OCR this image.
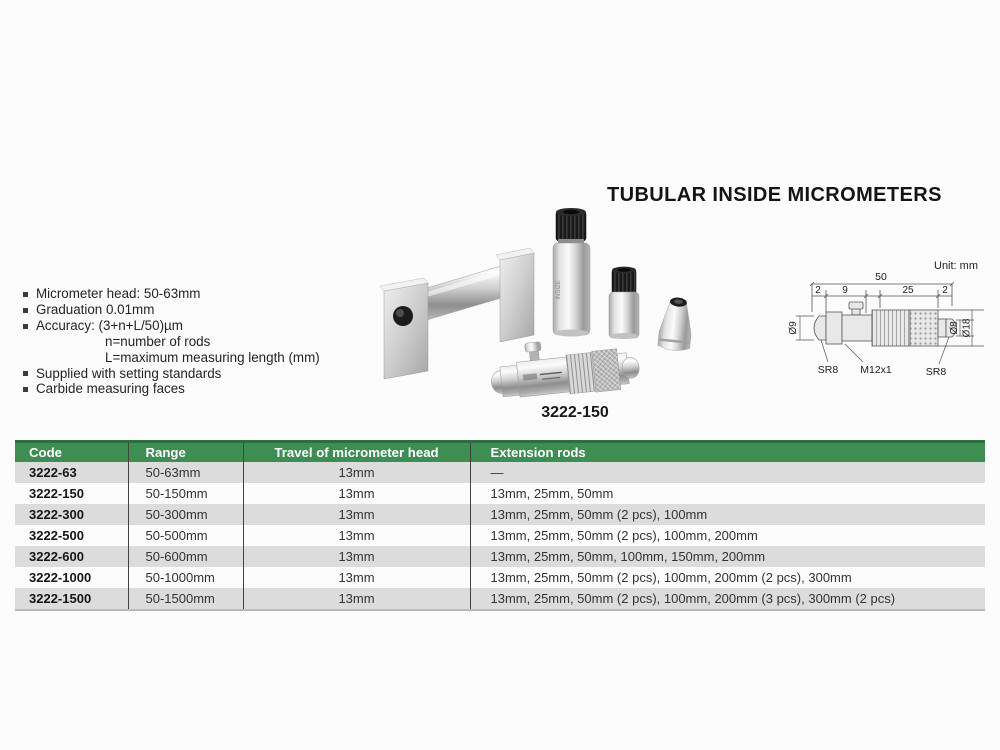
TUBULAR INSIDE MICROMETERS
Micrometer head: 50-63mm
Graduation 0.01mm
Accuracy: (3+n+L/50)µm
n=number of rods
L=maximum measuring length (mm)
Supplied with setting standards
Carbide measuring faces
INSIZE
3222-150
Unit: mm
50
2 9	25	2
Ø9	Ø8 Ø18
SR8 M12x1	SR8
Code	Range	Travel of micrometer head	Extension rods
3222-63	50-63mm	13mm	—
3222-150	50-150mm	13mm	13mm, 25mm, 50mm
3222-300	50-300mm	13mm	13mm, 25mm, 50mm (2 pcs), 100mm
3222-500	50-500mm	13mm	13mm, 25mm, 50mm (2 pcs), 100mm, 200mm
3222-600	50-600mm	13mm	13mm, 25mm, 50mm, 100mm, 150mm, 200mm
3222-1000	50-1000mm	13mm	13mm, 25mm, 50mm (2 pcs), 100mm, 200mm (2 pcs), 300mm
3222-1500	50-1500mm	13mm	13mm, 25mm, 50mm (2 pcs), 100mm, 200mm (3 pcs), 300mm (2 pcs)
